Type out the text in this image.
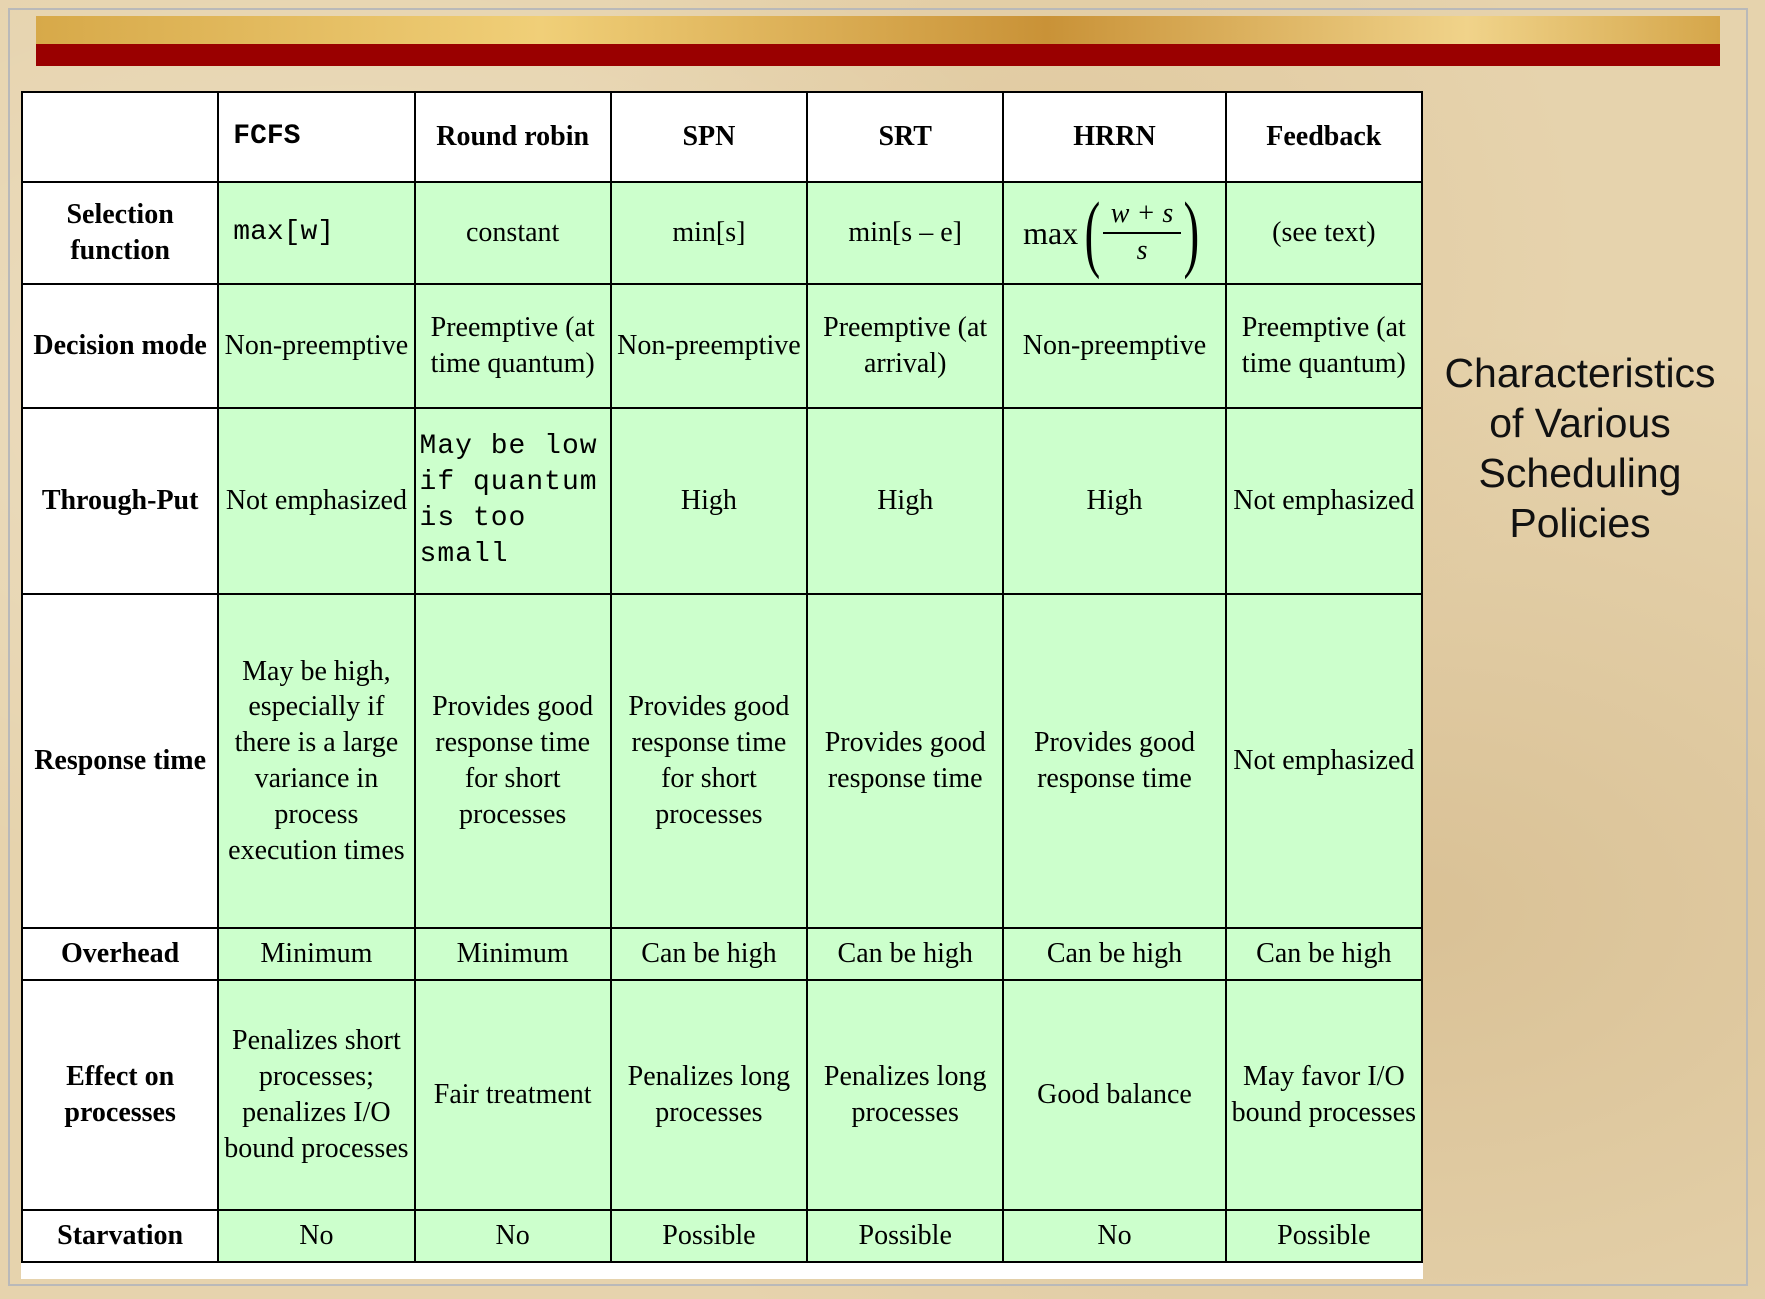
	FCFS	Round robin	SPN	SRT	HRRN	Feedback
Selection function	max[w]	constant	min[s]	min[s – e]	max ( $\frac{w + s}{s}$ )	(see text)
Decision mode	Non-preemptive	Preemptive (at time quantum)	Non-preemptive	Preemptive (at arrival)	Non-preemptive	Preemptive (at time quantum)
Through-Put	Not emphasized	May be low if quantum is too small	High	High	High	Not emphasized
Response time	May be high, especially if there is a large variance in process execution times	Provides good response time for short processes	Provides good response time for short processes	Provides good response time	Provides good response time	Not emphasized
Overhead	Minimum	Minimum	Can be high	Can be high	Can be high	Can be high
Effect on processes	Penalizes short processes; penalizes I/O bound processes	Fair treatment	Penalizes long processes	Penalizes long processes	Good balance	May favor I/O bound processes
Starvation	No	No	Possible	Possible	No	Possible
Characteristics of Various Scheduling Policies
